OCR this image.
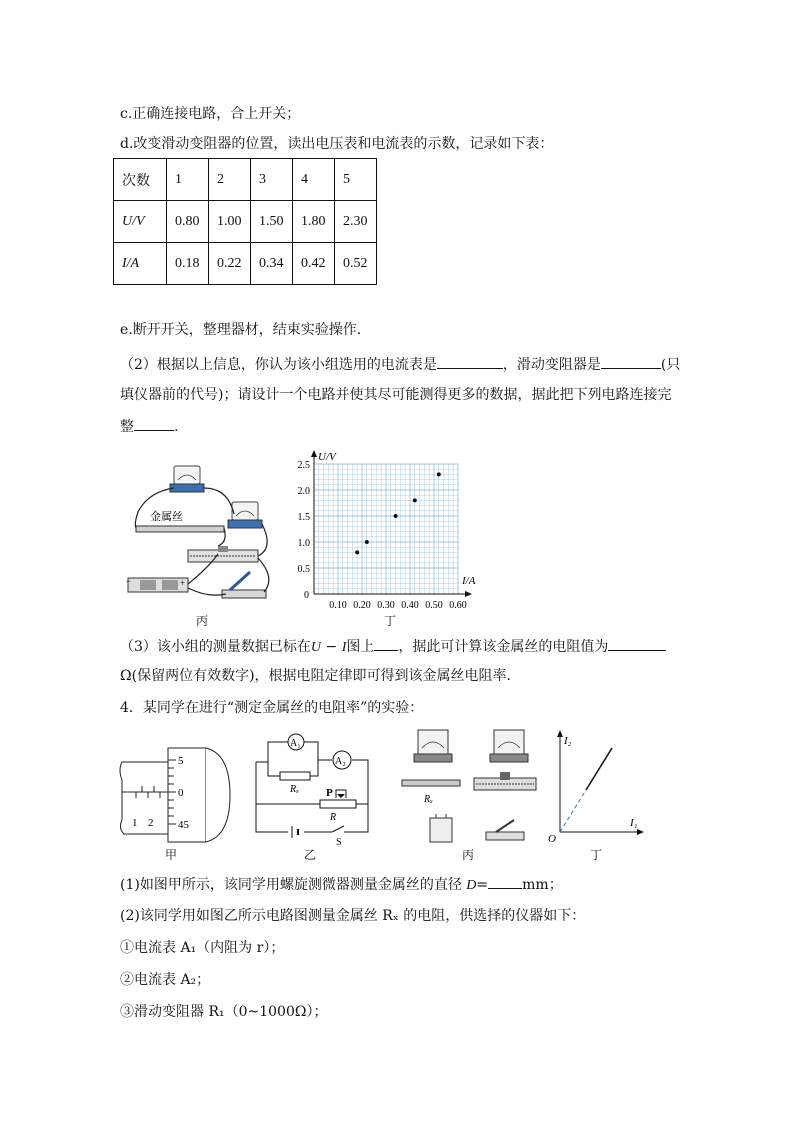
c.正确连接电路，合上开关；
d.改变滑动变阻器的位置，读出电压表和电流表的示数，记录如下表：
次数	1	2	3	4	5
U/V	0.80	1.00	1.50	1.80	2.30
I/A	0.18	0.22	0.34	0.42	0.52
e.断开开关，整理器材，结束实验操作．
（2）根据以上信息，你认为该小组选用的电流表是	，滑动变阻器是	(只
填仪器前的代号)；请设计一个电路并使其尽可能测得更多的数据，据此把下列电路连接完
整	.
金属丝
−	+
丙
U/V
I/A
0
0.5
1.0
1.5
2.0
2.5
0.10 0.20 0.30 0.40 0.50 0.60
丁
（3）该小组的测量数据已标在U − I图上 ，据此可计算该金属丝的电阻值为
Ω(保留两位有效数字)，根据电阻定律即可得到该金属丝电阻率．
4．某同学在进行“测定金属丝的电阻率”的实验：
1 2
5
0
45
甲
A₁
A₂
Rₓ P
R
S
乙
Rₓ
丙
I₂
I₁
O
丁
(1)如图甲所示，该同学用螺旋测微器测量金属丝的直径 D= mm；
(2)该同学用如图乙所示电路图测量金属丝 Rₓ 的电阻，供选择的仪器如下：
①电流表 A₁（内阻为 r）；
②电流表 A₂；
③滑动变阻器 R₁（0~1000Ω）；
